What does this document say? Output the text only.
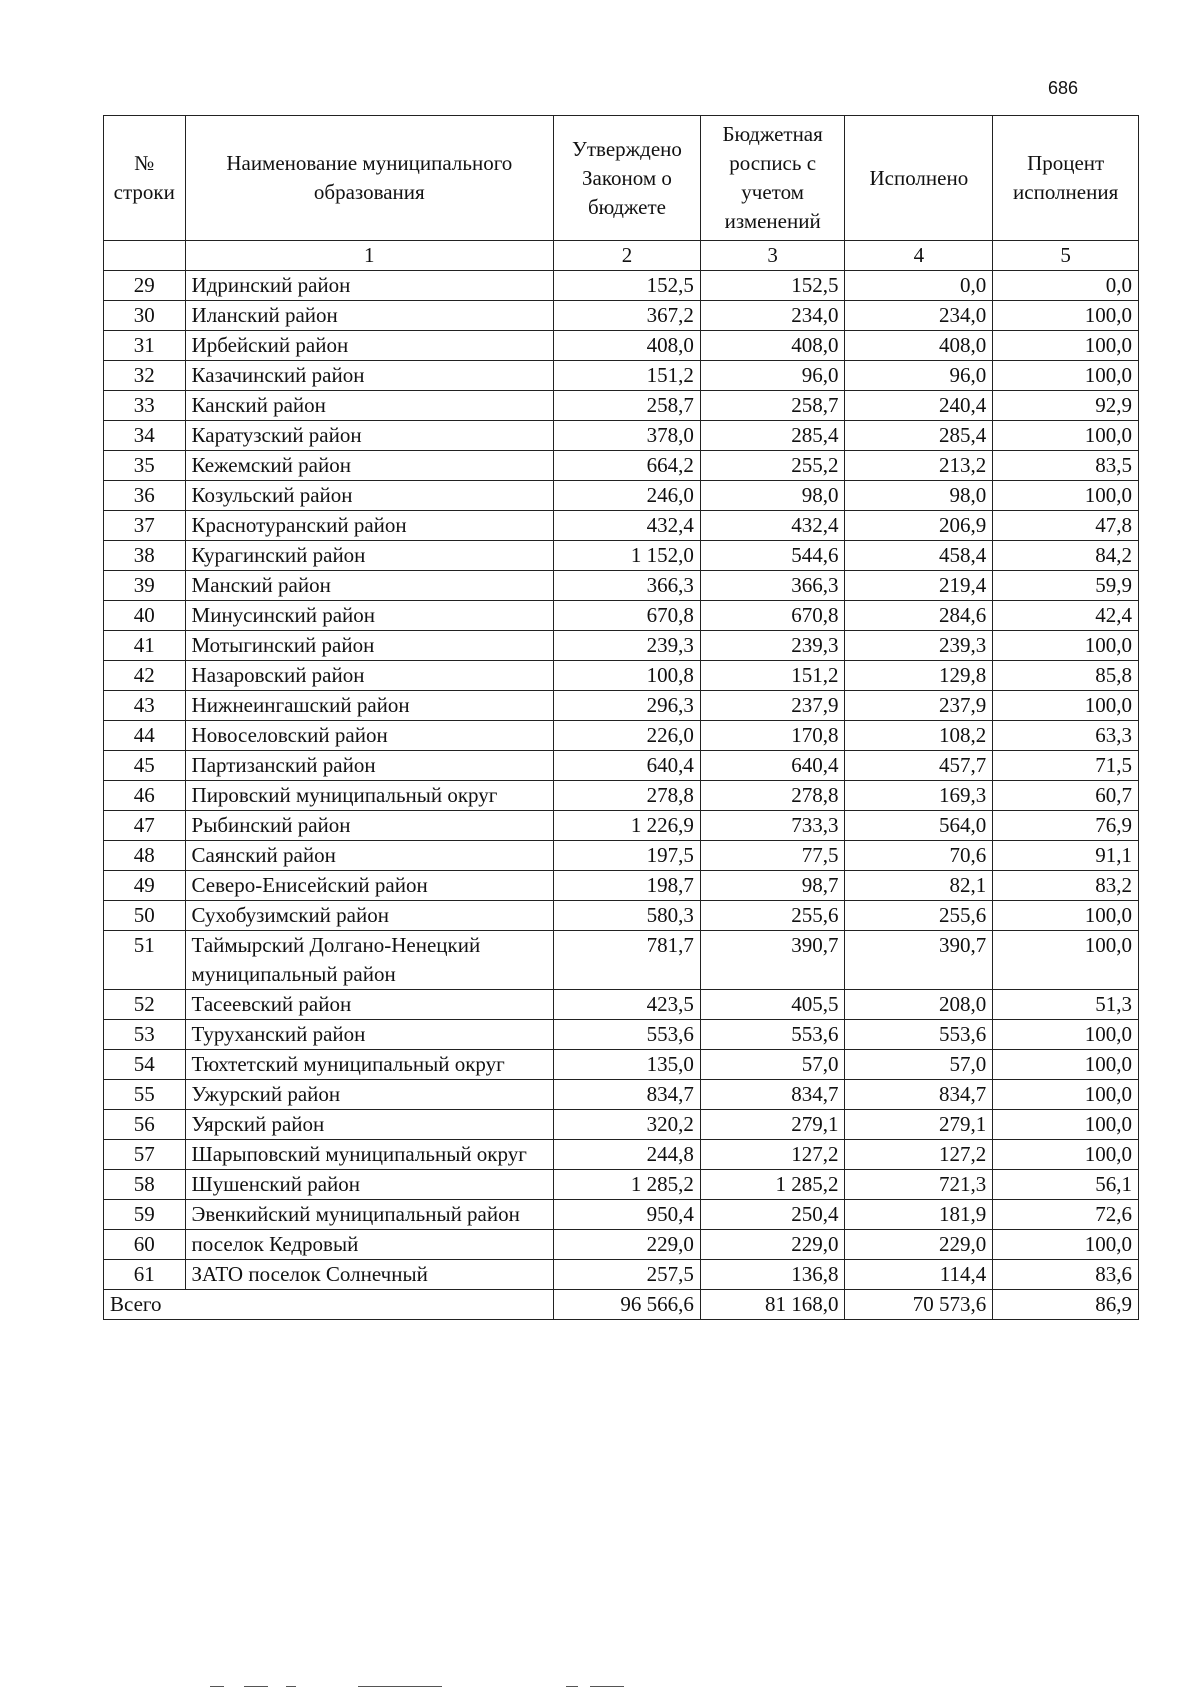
686
№ строки	Наименование муниципального образования	Утверждено Законом о бюджете	Бюджетная роспись с учетом изменений	Исполнено	Процент исполнения
	1	2	3	4	5
29	Идринский район	152,5	152,5	0,0	0,0
30	Иланский район	367,2	234,0	234,0	100,0
31	Ирбейский район	408,0	408,0	408,0	100,0
32	Казачинский район	151,2	96,0	96,0	100,0
33	Канский район	258,7	258,7	240,4	92,9
34	Каратузский район	378,0	285,4	285,4	100,0
35	Кежемский район	664,2	255,2	213,2	83,5
36	Козульский район	246,0	98,0	98,0	100,0
37	Краснотуранский район	432,4	432,4	206,9	47,8
38	Курагинский район	1 152,0	544,6	458,4	84,2
39	Манский район	366,3	366,3	219,4	59,9
40	Минусинский район	670,8	670,8	284,6	42,4
41	Мотыгинский район	239,3	239,3	239,3	100,0
42	Назаровский район	100,8	151,2	129,8	85,8
43	Нижнеингашский район	296,3	237,9	237,9	100,0
44	Новоселовский район	226,0	170,8	108,2	63,3
45	Партизанский район	640,4	640,4	457,7	71,5
46	Пировский муниципальный округ	278,8	278,8	169,3	60,7
47	Рыбинский район	1 226,9	733,3	564,0	76,9
48	Саянский район	197,5	77,5	70,6	91,1
49	Северо-Енисейский район	198,7	98,7	82,1	83,2
50	Сухобузимский район	580,3	255,6	255,6	100,0
51	Таймырский Долгано-Ненецкий муниципальный район	781,7	390,7	390,7	100,0
52	Тасеевский район	423,5	405,5	208,0	51,3
53	Туруханский район	553,6	553,6	553,6	100,0
54	Тюхтетский муниципальный округ	135,0	57,0	57,0	100,0
55	Ужурский район	834,7	834,7	834,7	100,0
56	Уярский район	320,2	279,1	279,1	100,0
57	Шарыповский муниципальный округ	244,8	127,2	127,2	100,0
58	Шушенский район	1 285,2	1 285,2	721,3	56,1
59	Эвенкийский муниципальный район	950,4	250,4	181,9	72,6
60	поселок Кедровый	229,0	229,0	229,0	100,0
61	ЗАТО поселок Солнечный	257,5	136,8	114,4	83,6
Всего		96 566,6	81 168,0	70 573,6	86,9
